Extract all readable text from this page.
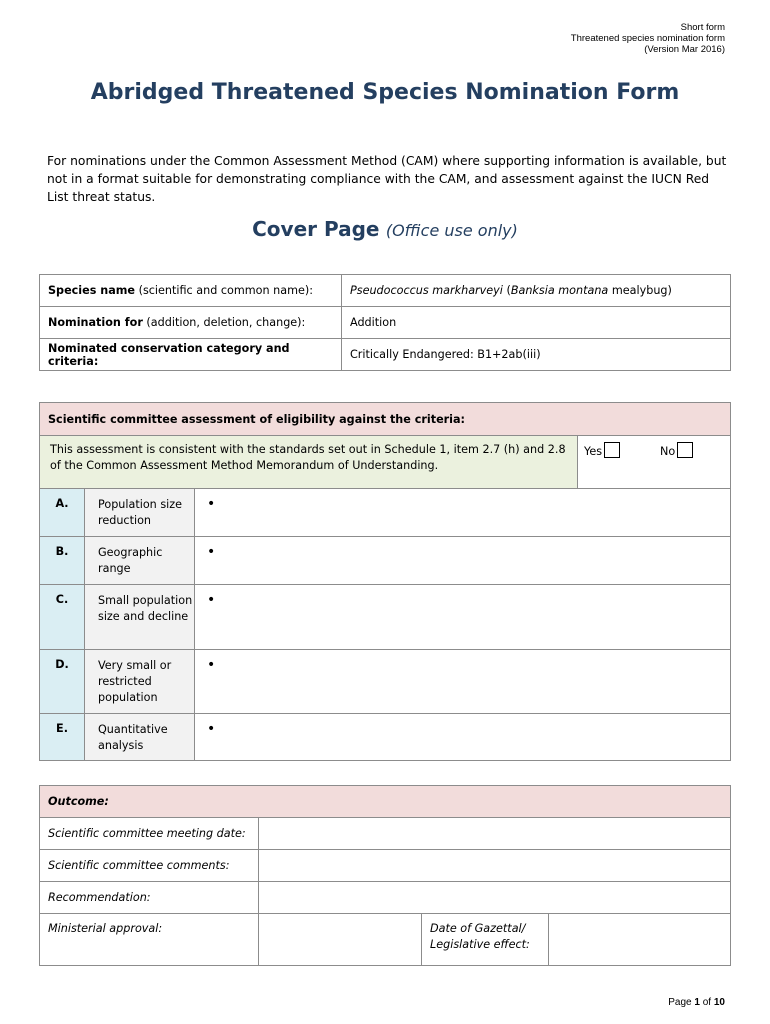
Short form
Threatened species nomination form
(Version Mar 2016)
Abridged Threatened Species Nomination Form
For nominations under the Common Assessment Method (CAM) where supporting information is available, but not in a format suitable for demonstrating compliance with the CAM, and assessment against the IUCN Red List threat status.
Cover Page (Office use only)
Species name (scientific and common name):	Pseudococcus markharveyi (Banksia montana mealybug)
Nomination for (addition, deletion, change):	Addition
Nominated conservation category and criteria:	Critically Endangered: B1+2ab(iii)
Scientific committee assessment of eligibility against the criteria:			
This assessment is consistent with the standards set out in Schedule 1, item 2.7 (h) and 2.8 of the Common Assessment Method Memorandum of Understanding.			Yes No

A.	Population size reduction	•	
B.	Geographic range	•	
C.	Small population size and decline	•	
D.	Very small or restricted population	•	
E.	Quantitative analysis	•	
Outcome:			
Scientific committee meeting date:			
Scientific committee comments:			
Recommendation:			
Ministerial approval:		Date of Gazettal/ Legislative effect:	
Page 1 of 10
